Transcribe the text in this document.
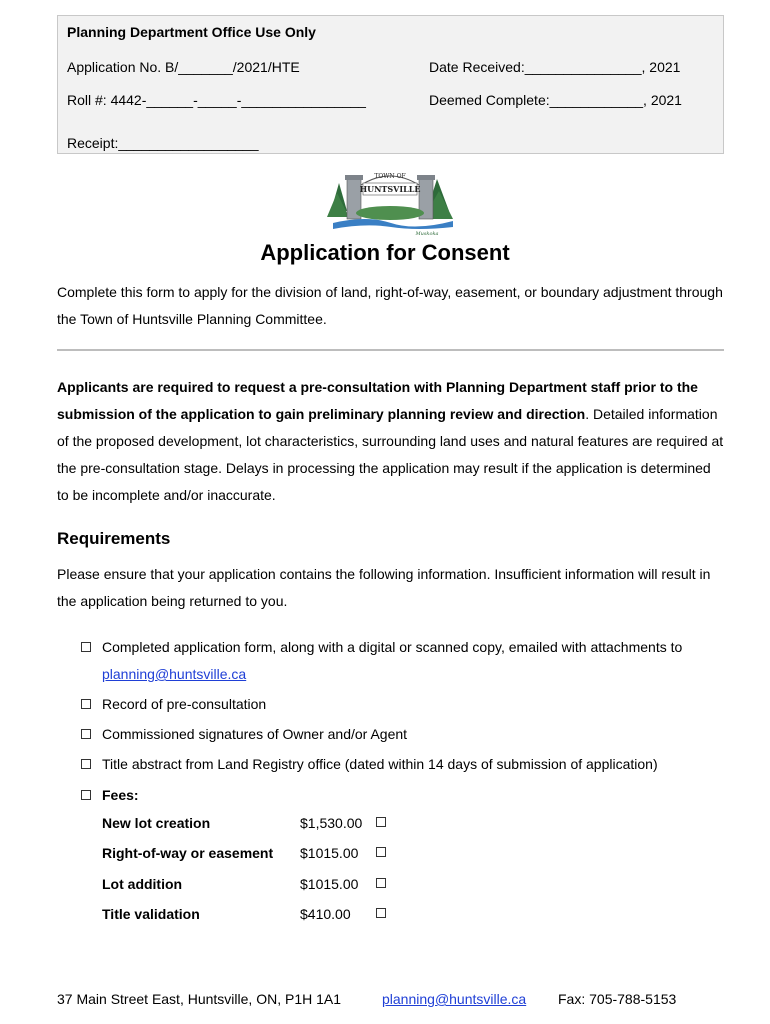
Planning Department Office Use Only
Application No. B/_______/2021/HTE	Date Received:_______________, 2021
Roll #: 4442-______-_____-________________	Deemed Complete:____________, 2021
Receipt:__________________
TOWN OF
HUNTSVILLE
Muskoka
Application for Consent
Complete this form to apply for the division of land, right-of-way, easement, or boundary adjustment through the Town of Huntsville Planning Committee.
Applicants are required to request a pre-consultation with Planning Department staff prior to the submission of the application to gain preliminary planning review and direction. Detailed information of the proposed development, lot characteristics, surrounding land uses and natural features are required at the pre-consultation stage. Delays in processing the application may result if the application is determined to be incomplete and/or inaccurate.
Requirements
Please ensure that your application contains the following information. Insufficient information will result in the application being returned to you.
Completed application form, along with a digital or scanned copy, emailed with attachments to planning@huntsville.ca
Record of pre-consultation
Commissioned signatures of Owner and/or Agent
Title abstract from Land Registry office (dated within 14 days of submission of application)
Fees:
New lot creation	$1,530.00
Right-of-way or easement $1015.00
Lot addition	$1015.00
Title validation	$410.00
37 Main Street East, Huntsville, ON, P1H 1A1	planning@huntsville.ca Fax: 705-788-5153
